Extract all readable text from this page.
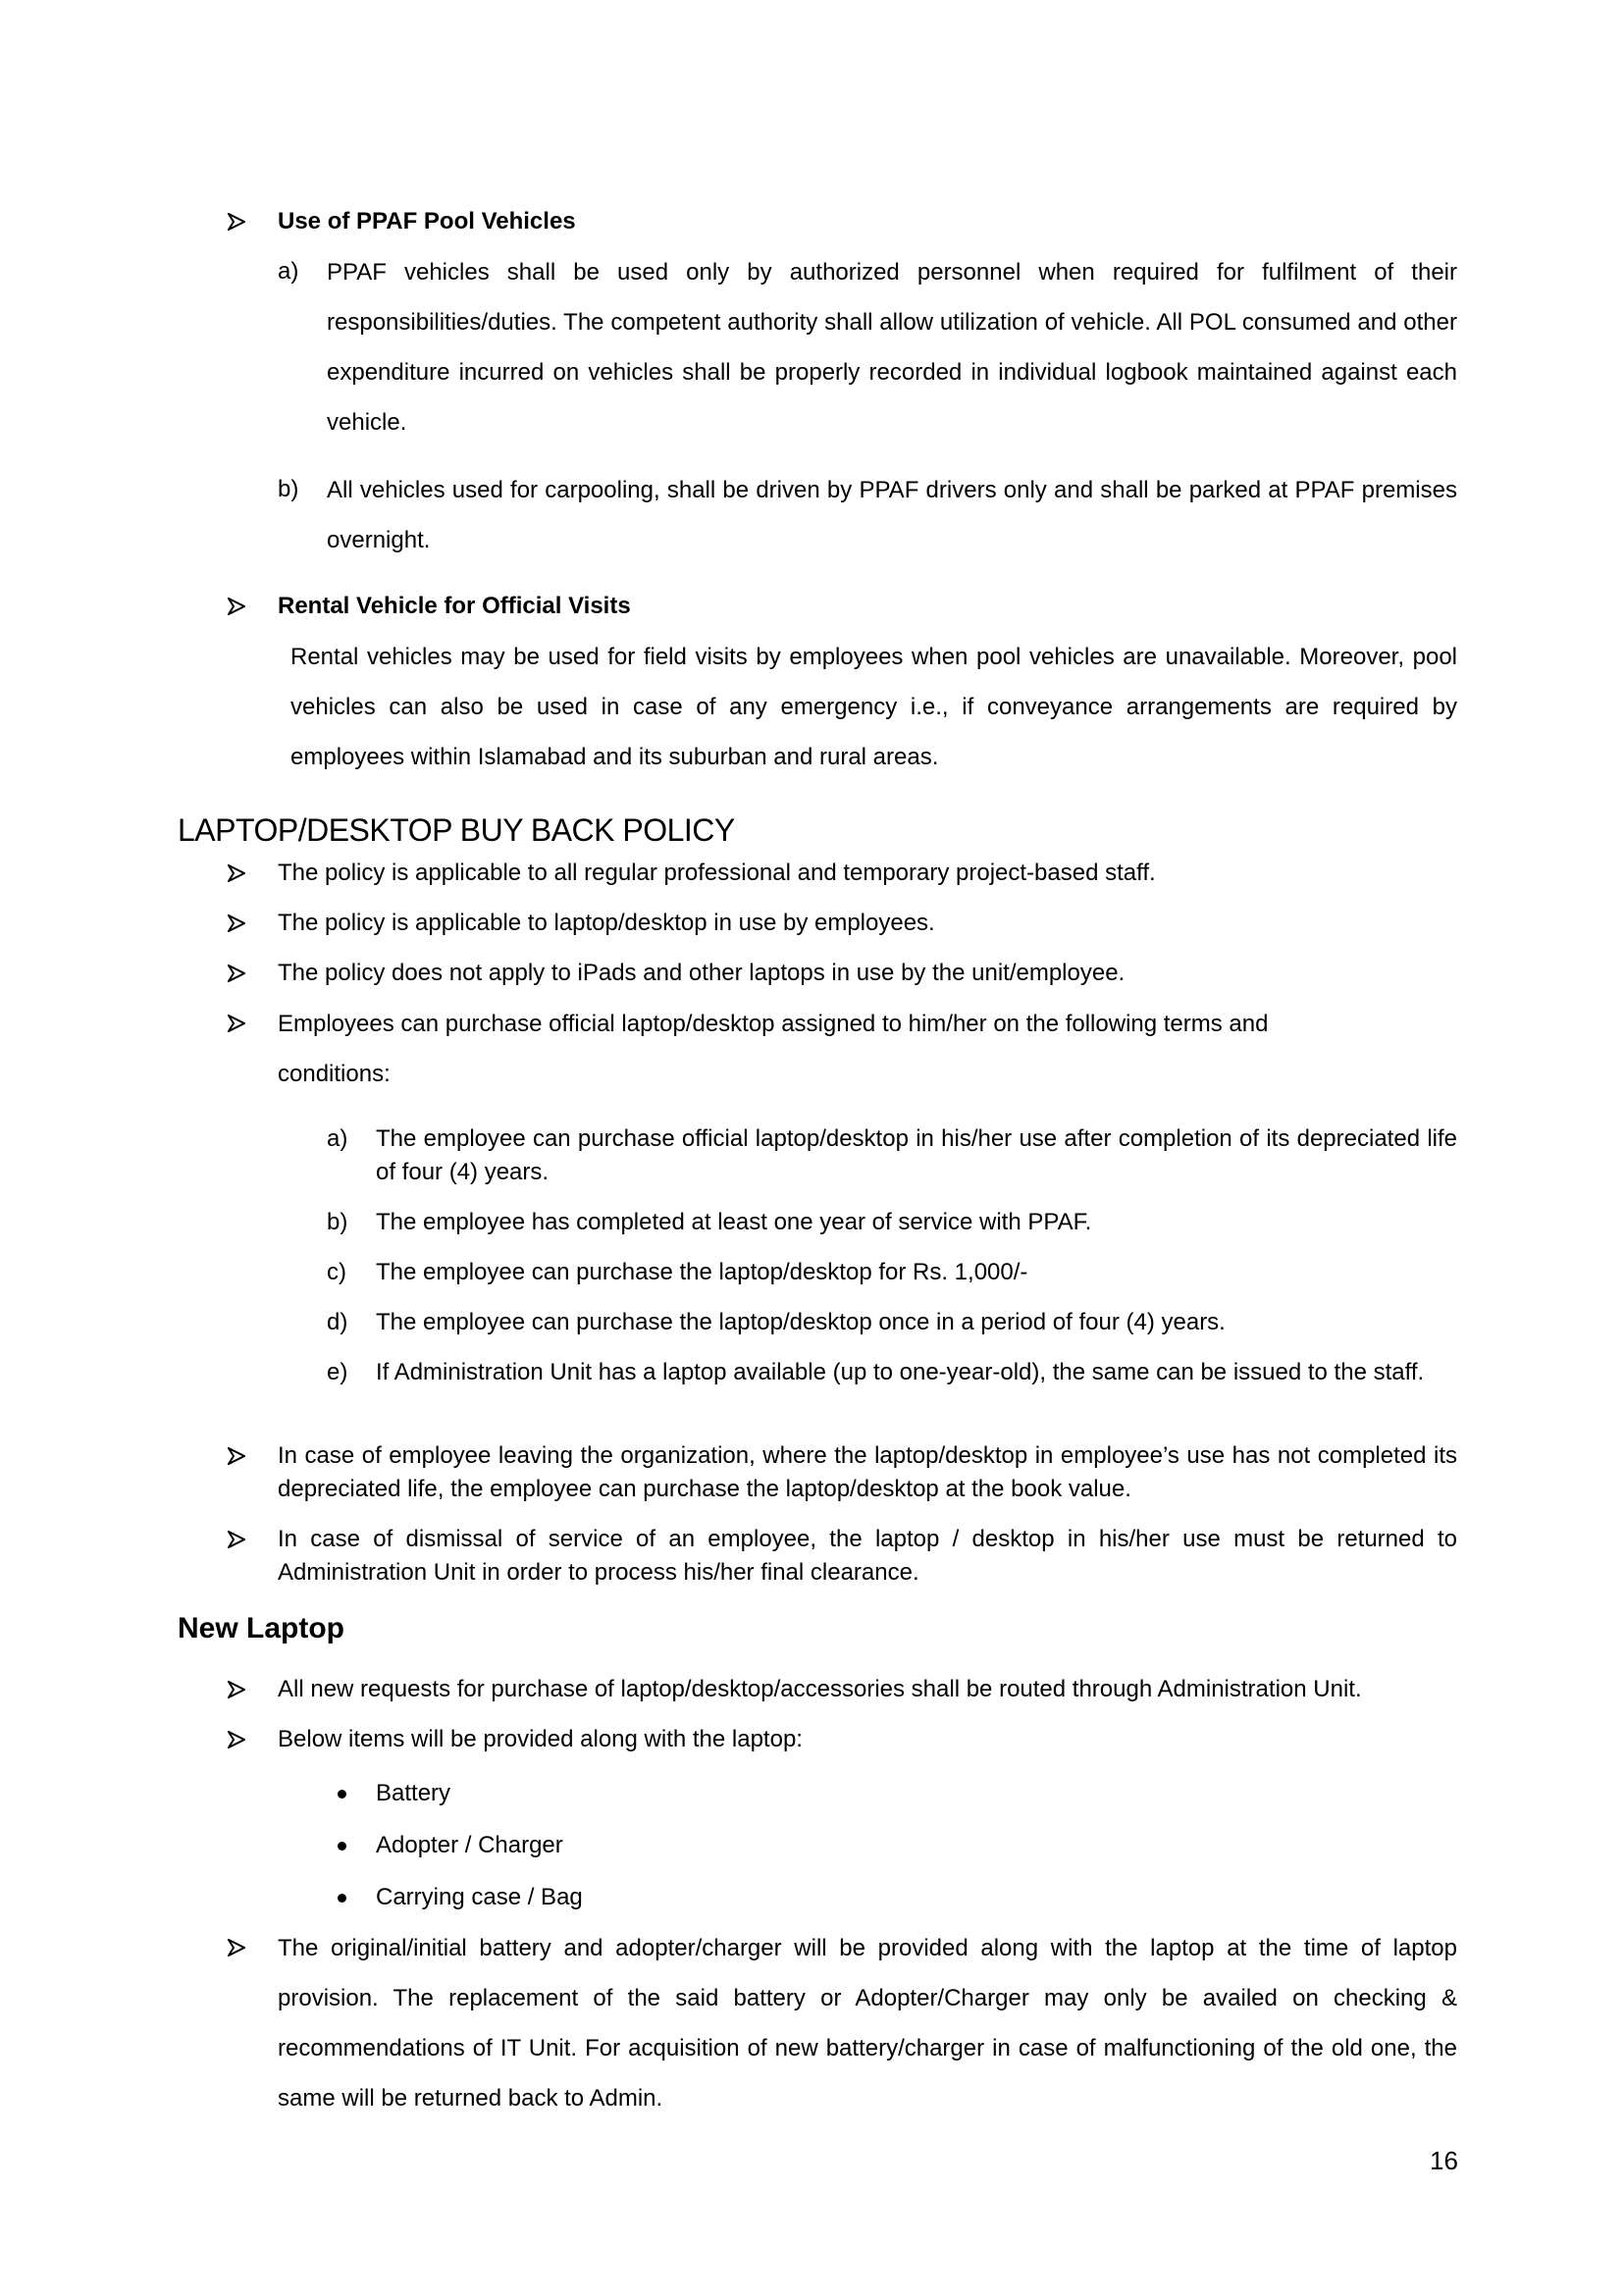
Use of PPAF Pool Vehicles

a) PPAF vehicles shall be used only by authorized personnel when required for fulfilment of their responsibilities/duties. The competent authority shall allow utilization of vehicle. All POL consumed and other expenditure incurred on vehicles shall be properly recorded in individual logbook maintained against each vehicle.

b) All vehicles used for carpooling, shall be driven by PPAF drivers only and shall be parked at PPAF premises overnight.

Rental Vehicle for Official Visits

Rental vehicles may be used for field visits by employees when pool vehicles are unavailable. Moreover, pool vehicles can also be used in case of any emergency i.e., if conveyance arrangements are required by employees within Islamabad and its suburban and rural areas.

LAPTOP/DESKTOP BUY BACK POLICY

The policy is applicable to all regular professional and temporary project-based staff.

The policy is applicable to laptop/desktop in use by employees.

The policy does not apply to iPads and other laptops in use by the unit/employee.

Employees can purchase official laptop/desktop assigned to him/her on the following terms and conditions:

a) The employee can purchase official laptop/desktop in his/her use after completion of its depreciated life of four (4) years.

b) The employee has completed at least one year of service with PPAF.

c) The employee can purchase the laptop/desktop for Rs. 1,000/-

d) The employee can purchase the laptop/desktop once in a period of four (4) years.

e) If Administration Unit has a laptop available (up to one-year-old), the same can be issued to the staff.

In case of employee leaving the organization, where the laptop/desktop in employee’s use has not completed its depreciated life, the employee can purchase the laptop/desktop at the book value.

In case of dismissal of service of an employee, the laptop / desktop in his/her use must be returned to Administration Unit in order to process his/her final clearance.

New Laptop

All new requests for purchase of laptop/desktop/accessories shall be routed through Administration Unit.

Below items will be provided along with the laptop:

Battery

Adopter / Charger

Carrying case / Bag

The original/initial battery and adopter/charger will be provided along with the laptop at the time of laptop provision. The replacement of the said battery or Adopter/Charger may only be availed on checking & recommendations of IT Unit. For acquisition of new battery/charger in case of malfunctioning of the old one, the same will be returned back to Admin.

16
